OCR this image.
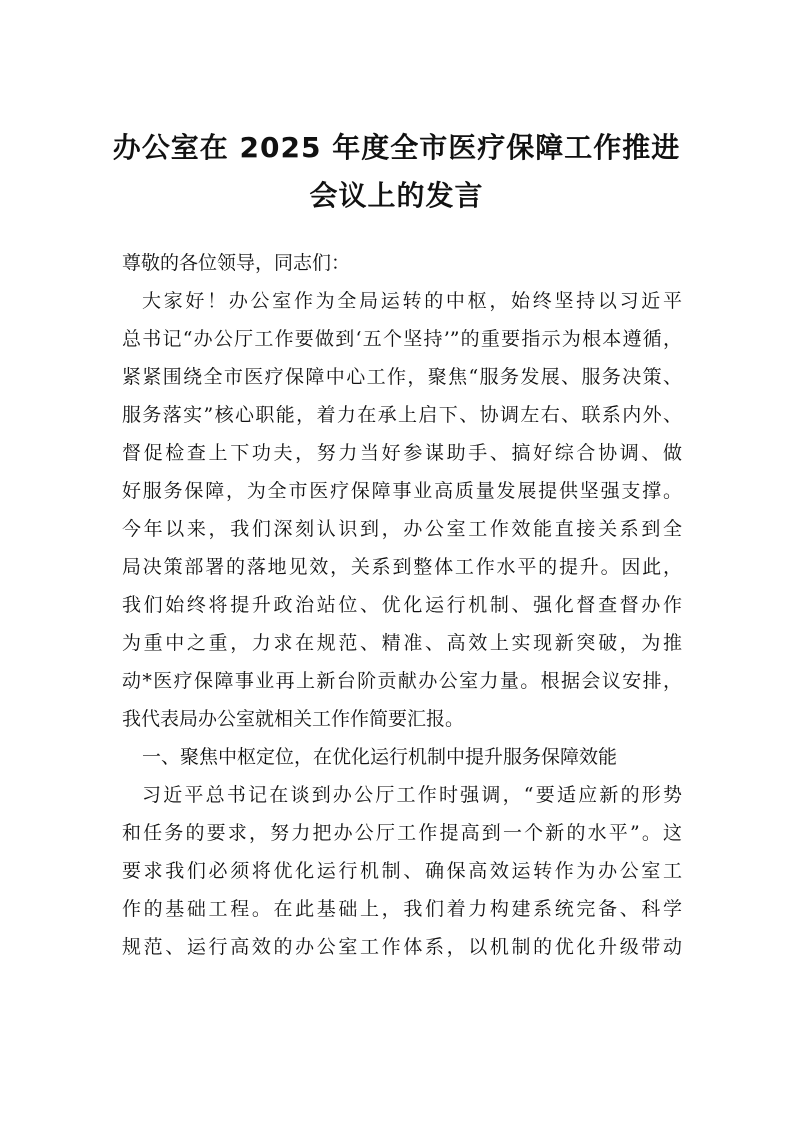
办公室在 2025 年度全市医疗保障工作推进
会议上的发言
尊敬的各位领导，同志们：
大家好！办公室作为全局运转的中枢，始终坚持以习近平
总书记“办公厅工作要做到‘五个坚持’”的重要指示为根本遵循，
紧紧围绕全市医疗保障中心工作，聚焦“服务发展、服务决策、
服务落实”核心职能，着力在承上启下、协调左右、联系内外、
督促检查上下功夫，努力当好参谋助手、搞好综合协调、做
好服务保障，为全市医疗保障事业高质量发展提供坚强支撑。
今年以来，我们深刻认识到，办公室工作效能直接关系到全
局决策部署的落地见效，关系到整体工作水平的提升。因此，
我们始终将提升政治站位、优化运行机制、强化督查督办作
为重中之重，力求在规范、精准、高效上实现新突破，为推
动*医疗保障事业再上新台阶贡献办公室力量。根据会议安排，
我代表局办公室就相关工作作简要汇报。
一、聚焦中枢定位，在优化运行机制中提升服务保障效能
习近平总书记在谈到办公厅工作时强调，“要适应新的形势
和任务的要求，努力把办公厅工作提高到一个新的水平”。这
要求我们必须将优化运行机制、确保高效运转作为办公室工
作的基础工程。在此基础上，我们着力构建系统完备、科学
规范、运行高效的办公室工作体系，以机制的优化升级带动
